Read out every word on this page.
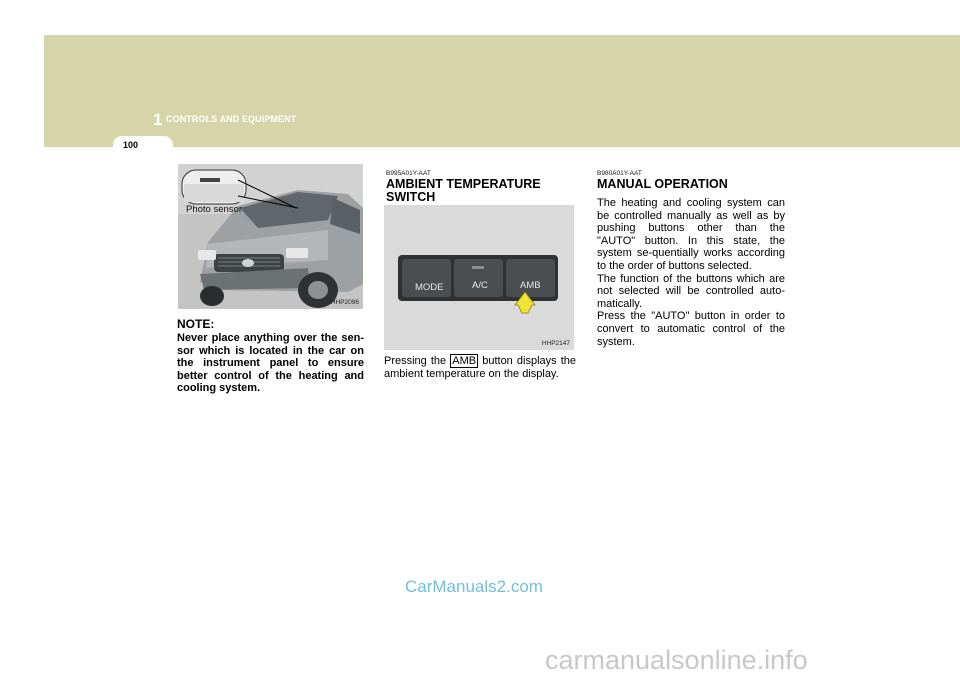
1 CONTROLS AND EQUIPMENT
100
Photo sensor
HHP2096
NOTE:
Never place anything over the sen-sor which is located in the car on the instrument panel to ensure better control of the heating and cooling system.
B995A01Y-AAT
AMBIENT TEMPERATURE
SWITCH
MODE	A/C	AMB
HHP2147
Pressing the AMB button displays the ambient temperature on the display.
B980A01Y-AAT
MANUAL OPERATION
The heating and cooling system can be controlled manually as well as by pushing buttons other than the "AUTO" button. In this state, the system se-quentially works according to the order of buttons selected.
The function of the buttons which are not selected will be controlled auto-matically.
Press the "AUTO" button in order to convert to automatic control of the system.
CarManuals2.com
carmanualsonline.info
